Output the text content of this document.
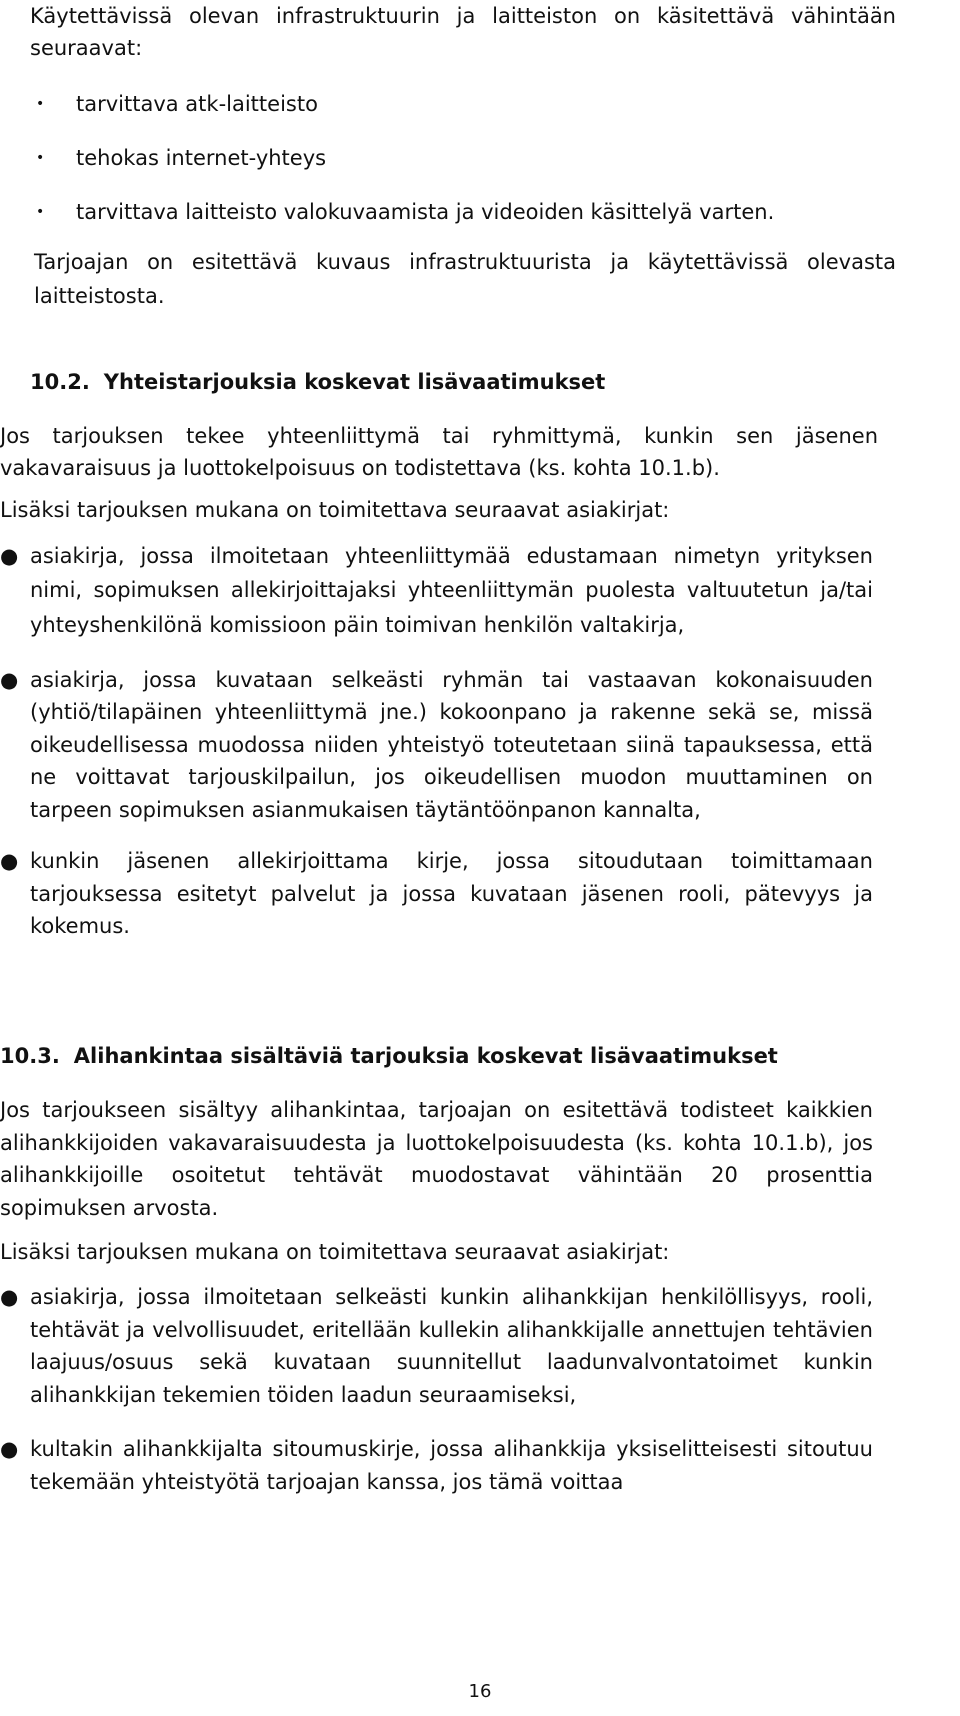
Käytettävissä olevan infrastruktuurin ja laitteiston on käsitettävä vähintään seuraavat:

• tarvittava atk-laitteisto
• tehokas internet-yhteys
• tarvittava laitteisto valokuvaamista ja videoiden käsittelyä varten.

Tarjoajan on esitettävä kuvaus infrastruktuurista ja käytettävissä olevasta laitteistosta.

10.2. Yhteistarjouksia koskevat lisävaatimukset

Jos tarjouksen tekee yhteenliittymä tai ryhmittymä, kunkin sen jäsenen vakavaraisuus ja luottokelpoisuus on todistettava (ks. kohta 10.1.b).

Lisäksi tarjouksen mukana on toimitettava seuraavat asiakirjat:

● asiakirja, jossa ilmoitetaan yhteenliittymää edustamaan nimetyn yrityksen nimi, sopimuksen allekirjoittajaksi yhteenliittymän puolesta valtuutetun ja/tai yhteyshenkilönä komissioon päin toimivan henkilön valtakirja,
● asiakirja, jossa kuvataan selkeästi ryhmän tai vastaavan kokonaisuuden (yhtiö/tilapäinen yhteenliittymä jne.) kokoonpano ja rakenne sekä se, missä oikeudellisessa muodossa niiden yhteistyö toteutetaan siinä tapauksessa, että ne voittavat tarjouskilpailun, jos oikeudellisen muodon muuttaminen on tarpeen sopimuksen asianmukaisen täytäntöönpanon kannalta,
● kunkin jäsenen allekirjoittama kirje, jossa sitoudutaan toimittamaan tarjouksessa esitetyt palvelut ja jossa kuvataan jäsenen rooli, pätevyys ja kokemus.
10.3. Alihankintaa sisältäviä tarjouksia koskevat lisävaatimukset

Jos tarjoukseen sisältyy alihankintaa, tarjoajan on esitettävä todisteet kaikkien alihankkijoiden vakavaraisuudesta ja luottokelpoisuudesta (ks. kohta 10.1.b), jos alihankkijoille osoitetut tehtävät muodostavat vähintään 20 prosenttia sopimuksen arvosta.

Lisäksi tarjouksen mukana on toimitettava seuraavat asiakirjat:

● asiakirja, jossa ilmoitetaan selkeästi kunkin alihankkijan henkilöllisyys, rooli, tehtävät ja velvollisuudet, eritellään kullekin alihankkijalle annettujen tehtävien laajuus/osuus sekä kuvataan suunnitellut laadunvalvontatoimet kunkin alihankkijan tekemien töiden laadun seuraamiseksi,
● kultakin alihankkijalta sitoumuskirje, jossa alihankkija yksiselitteisesti sitoutuu tekemään yhteistyötä tarjoajan kanssa, jos tämä voittaa
16
